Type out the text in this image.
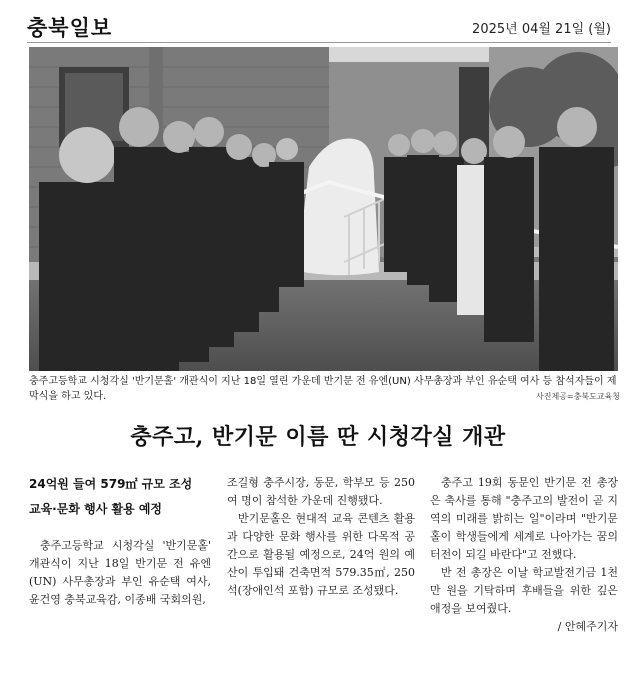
충북일보	2025년 04월 21일 (월)
충주고등학교 시청각실 '반기문홀' 개관식이 지난 18일 열린 가운데 반기문 전 유엔(UN) 사무총장과 부인 유순택 여사 등 참석자들이 제막식을 하고 있다.	사진제공=충북도교육청
충주고, 반기문 이름 딴 시청각실 개관
24억원 들여 579㎡ 규모 조성
교육·문화 행사 활용 예정

충주고등학교 시청각실 '반기문홀' 개관식이 지난 18일 반기문 전 유엔(UN) 사무총장과 부인 유순택 여사, 윤건영 충북교육감, 이종배 국회의원,

조길형 충주시장, 동문, 학부모 등 250여 명이 참석한 가운데 진행됐다.

반기문홀은 현대적 교육 콘텐츠 활용과 다양한 문화 행사를 위한 다목적 공간으로 활용될 예정으로, 24억 원의 예산이 투입돼 건축면적 579.35㎡, 250석(장애인석 포함) 규모로 조성됐다.

충주고 19회 동문인 반기문 전 총장은 축사를 통해 "충주고의 발전이 곧 지역의 미래를 밝히는 일"이라며 "반기문홀이 학생들에게 세계로 나아가는 꿈의 터전이 되길 바란다"고 전했다.

반 전 총장은 이날 학교발전기금 1천만 원을 기탁하며 후배들을 위한 깊은 애정을 보여줬다.

/ 안혜주기자
